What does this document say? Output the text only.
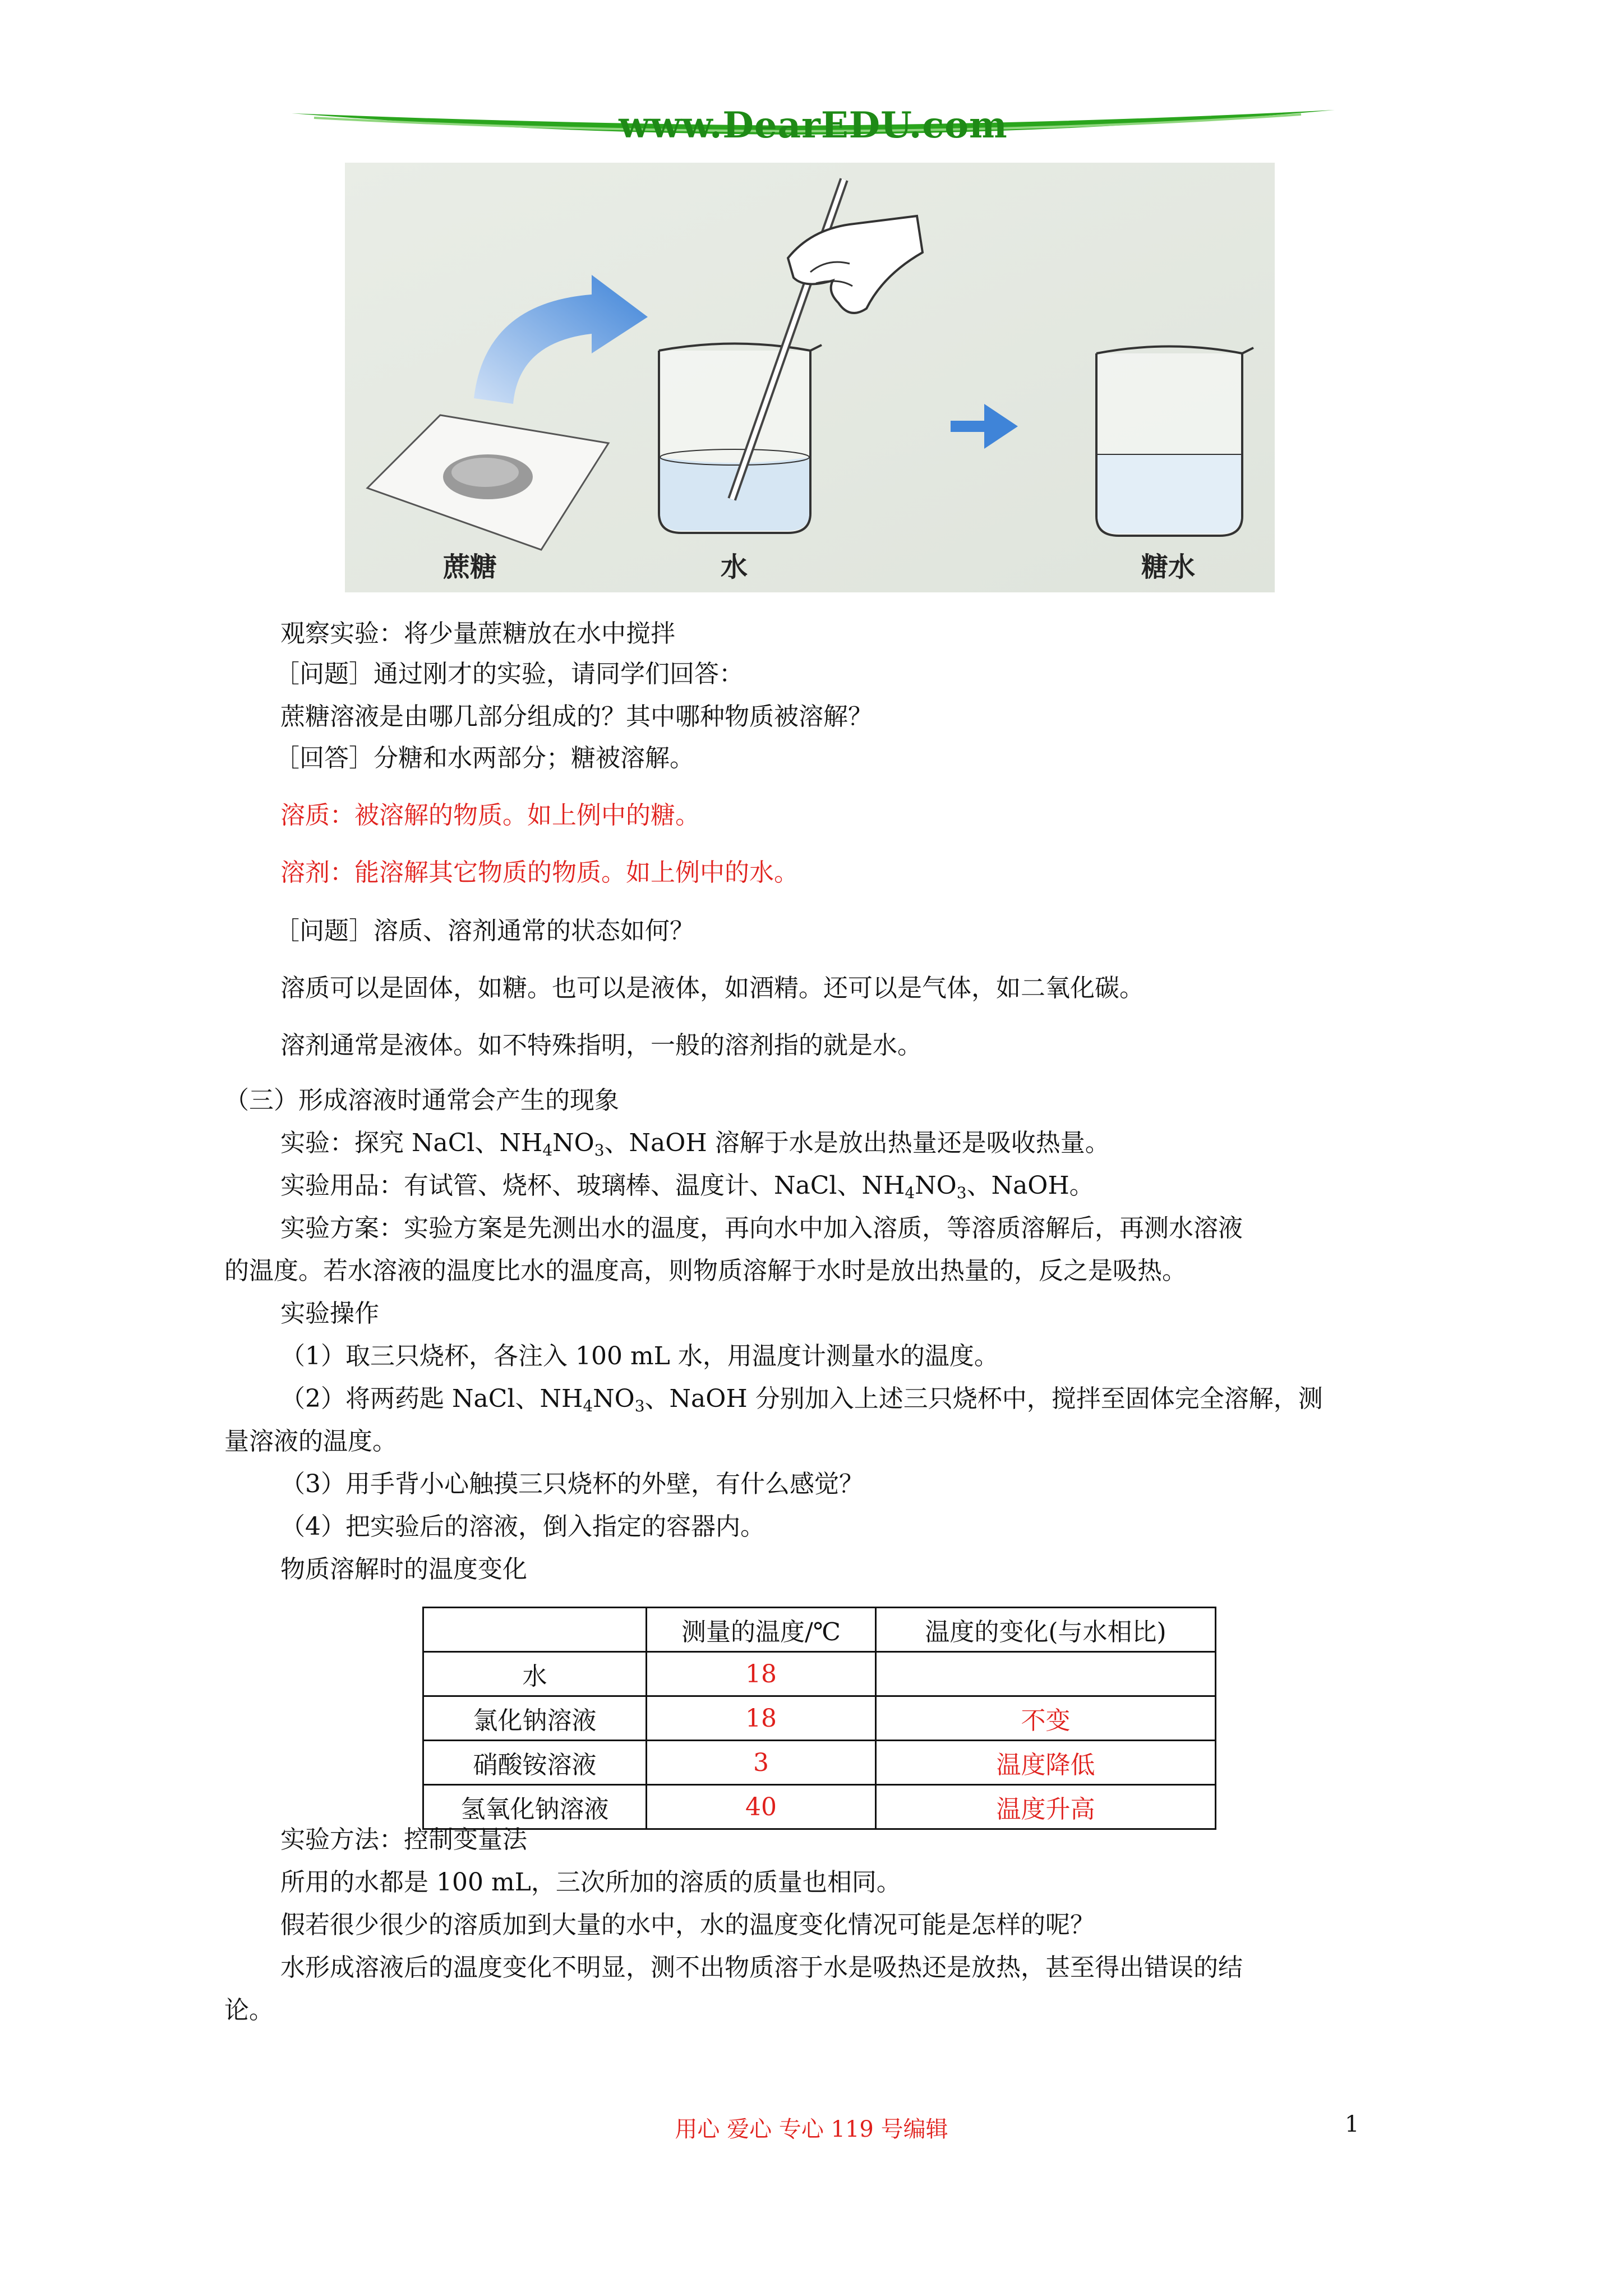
www.DearEDU.com
蔗糖	水	糖水
观察实验：将少量蔗糖放在水中搅拌
［问题］通过刚才的实验，请同学们回答：
蔗糖溶液是由哪几部分组成的？其中哪种物质被溶解？
［回答］分糖和水两部分；糖被溶解。
溶质：被溶解的物质。如上例中的糖。
溶剂：能溶解其它物质的物质。如上例中的水。
［问题］溶质、溶剂通常的状态如何？
溶质可以是固体，如糖。也可以是液体，如酒精。还可以是气体，如二氧化碳。
溶剂通常是液体。如不特殊指明，一般的溶剂指的就是水。
（三）形成溶液时通常会产生的现象
实验：探究 NaCl、$NH_4NO_3$、NaOH 溶解于水是放出热量还是吸收热量。
实验用品：有试管、烧杯、玻璃棒、温度计、NaCl、$NH_4NO_3$、NaOH。
实验方案：实验方案是先测出水的温度，再向水中加入溶质，等溶质溶解后，再测水溶液
的温度。若水溶液的温度比水的温度高，则物质溶解于水时是放出热量的，反之是吸热。
实验操作
（1）取三只烧杯，各注入 100 mL 水，用温度计测量水的温度。
（2）将两药匙 NaCl、$NH_4NO_3$、NaOH 分别加入上述三只烧杯中，搅拌至固体完全溶解，测
量溶液的温度。
（3）用手背小心触摸三只烧杯的外壁，有什么感觉？
（4）把实验后的溶液，倒入指定的容器内。
物质溶解时的温度变化
	测量的温度/℃	温度的变化(与水相比)
水	18	
氯化钠溶液	18	不变
硝酸铵溶液	3	温度降低
氢氧化钠溶液	40	温度升高
实验方法：控制变量法
所用的水都是 100 mL，三次所加的溶质的质量也相同。
假若很少很少的溶质加到大量的水中，水的温度变化情况可能是怎样的呢？
水形成溶液后的温度变化不明显，测不出物质溶于水是吸热还是放热，甚至得出错误的结
论。
用心 爱心 专心 119 号编辑	1
